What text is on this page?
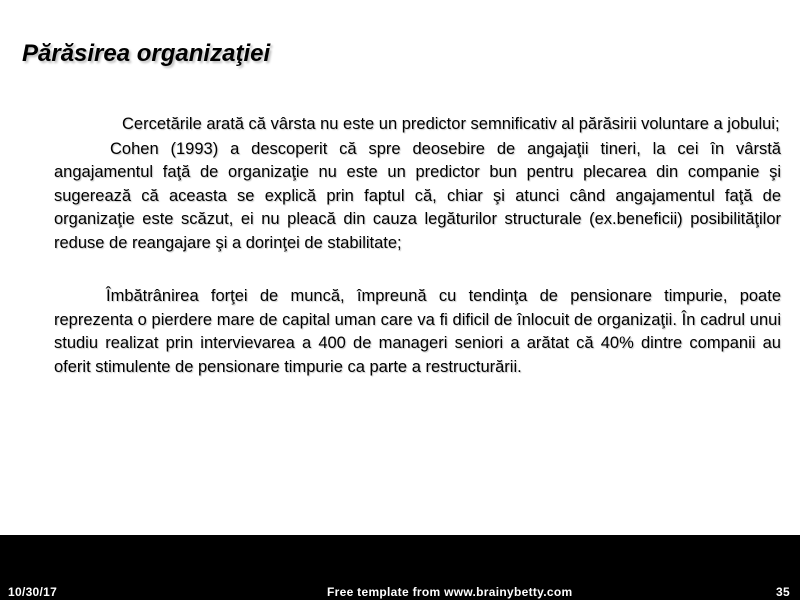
Părăsirea organizaţiei

Cercetările arată că vârsta nu este un predictor semnificativ al părăsirii voluntare a jobului;

Cohen (1993) a descoperit că spre deosebire de angajaţii tineri, la cei în vârstă angajamentul faţă de organizaţie nu este un predictor bun pentru plecarea din companie şi sugerează că aceasta se explică prin faptul că, chiar şi atunci când angajamentul faţă de organizaţie este scăzut, ei nu pleacă din cauza legăturilor structurale (ex.beneficii) posibilităţilor reduse de reangajare şi a dorinţei de stabilitate;

Îmbătrânirea forţei de muncă, împreună cu tendinţa de pensionare timpurie, poate reprezenta o pierdere mare de capital uman care va fi dificil de înlocuit de organizaţii. În cadrul unui studiu realizat prin intervievarea a 400 de manageri seniori a arătat că 40% dintre companii au oferit stimulente de pensionare timpurie ca parte a restructurării.

10/30/17	Free template from www.brainybetty.com	35
